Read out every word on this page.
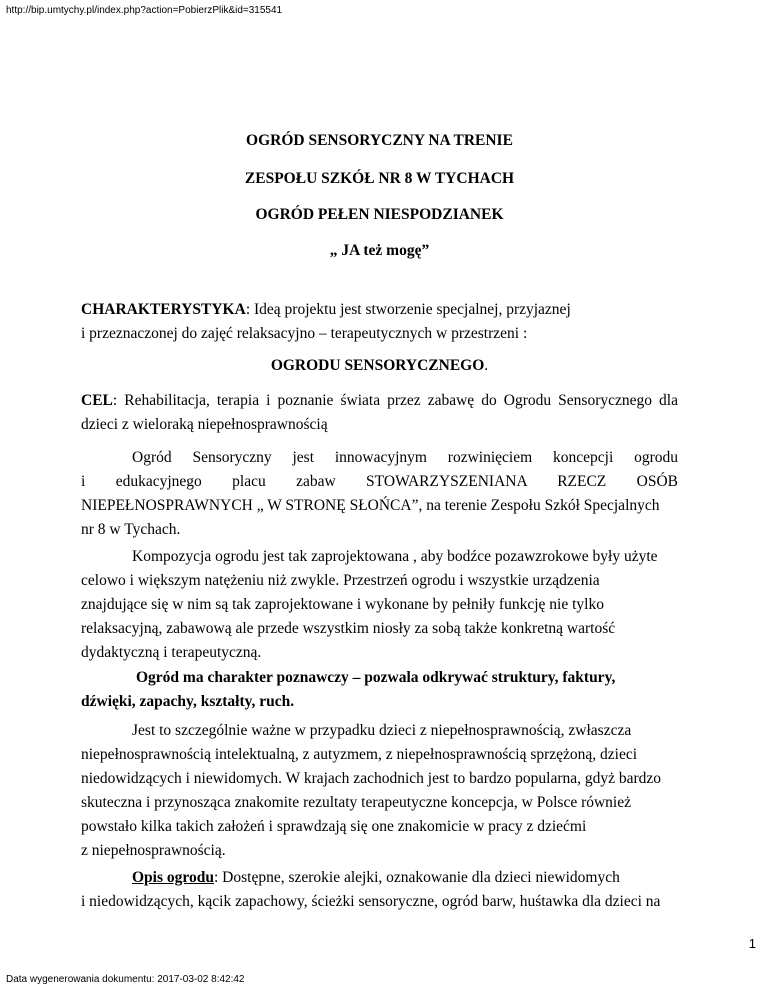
http://bip.umtychy.pl/index.php?action=PobierzPlik&id=315541
OGRÓD SENSORYCZNY NA TRENIE
ZESPOŁU SZKÓŁ NR 8 W TYCHACH
OGRÓD PEŁEN NIESPODZIANEK
„ JA też mogę”
CHARAKTERYSTYKA: Ideą projektu jest stworzenie specjalnej, przyjaznej
i przeznaczonej do zajęć relaksacyjno – terapeutycznych w przestrzeni :
OGRODU SENSORYCZNEGO.
CEL: Rehabilitacja, terapia i poznanie świata przez zabawę do Ogrodu Sensorycznego dla
dzieci z wieloraką niepełnosprawnością
Ogród Sensoryczny jest innowacyjnym rozwinięciem koncepcji ogrodu
i edukacyjnego placu zabaw STOWARZYSZENIANA RZECZ OSÓB
NIEPEŁNOSPRAWNYCH „ W STRONĘ SŁOŃCA”, na terenie Zespołu Szkół Specjalnych
nr 8 w Tychach.
Kompozycja ogrodu jest tak zaprojektowana , aby bodźce pozawzrokowe były użyte
celowo i większym natężeniu niż zwykle. Przestrzeń ogrodu i wszystkie urządzenia
znajdujące się w nim są tak zaprojektowane i wykonane by pełniły funkcję nie tylko
relaksacyjną, zabawową ale przede wszystkim niosły za sobą także konkretną wartość
dydaktyczną i terapeutyczną.
Ogród ma charakter poznawczy – pozwala odkrywać struktury, faktury,
dźwięki, zapachy, kształty, ruch.
Jest to szczególnie ważne w przypadku dzieci z niepełnosprawnością, zwłaszcza
niepełnosprawnością intelektualną, z autyzmem, z niepełnosprawnością sprzężoną, dzieci
niedowidzących i niewidomych. W krajach zachodnich jest to bardzo popularna, gdyż bardzo
skuteczna i przynosząca znakomite rezultaty terapeutyczne koncepcja, w Polsce również
powstało kilka takich założeń i sprawdzają się one znakomicie w pracy z dziećmi
z niepełnosprawnością.
Opis ogrodu: Dostępne, szerokie alejki, oznakowanie dla dzieci niewidomych
i niedowidzących, kącik zapachowy, ścieżki sensoryczne, ogród barw, huśtawka dla dzieci na
1
Data wygenerowania dokumentu: 2017-03-02 8:42:42
